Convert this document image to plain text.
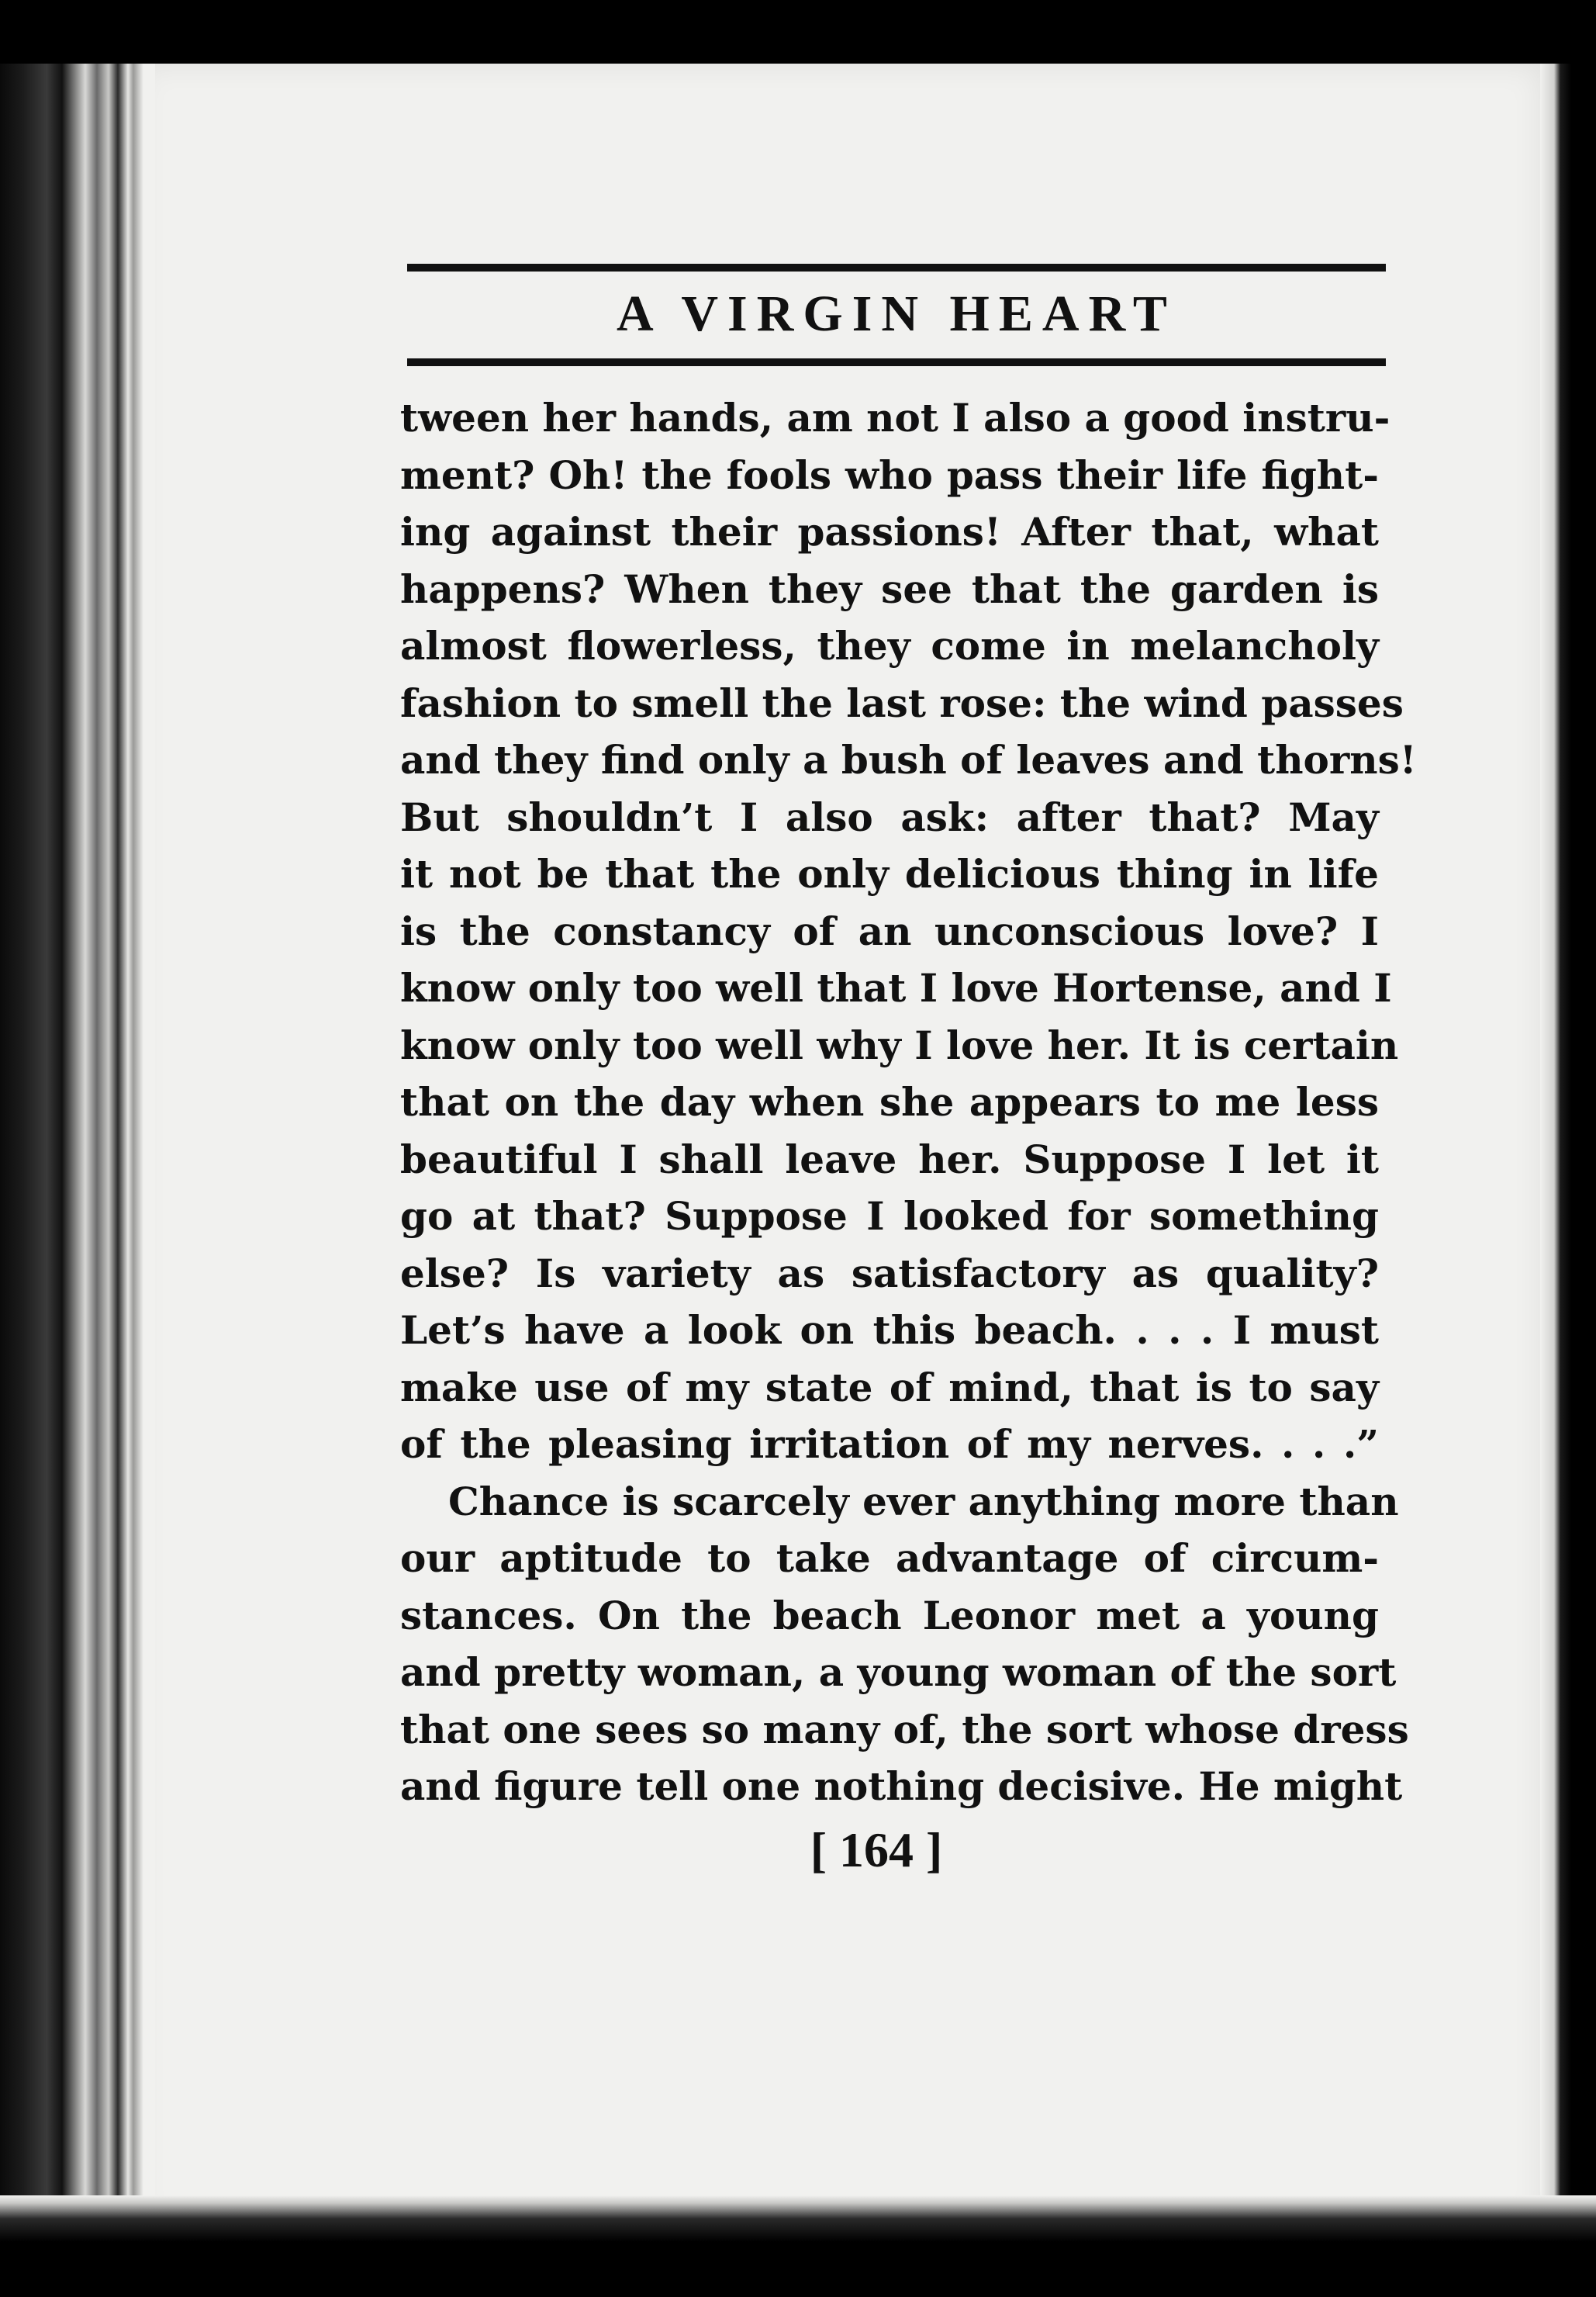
A VIRGIN HEART
tween her hands, am not I also a good instru-
ment? Oh! the fools who pass their life fight-
ing against their passions! After that, what
happens? When they see that the garden is
almost flowerless, they come in melancholy
fashion to smell the last rose: the wind passes
and they find only a bush of leaves and thorns!
But shouldn’t I also ask: after that? May
it not be that the only delicious thing in life
is the constancy of an unconscious love? I
know only too well that I love Hortense, and I
know only too well why I love her. It is certain
that on the day when she appears to me less
beautiful I shall leave her. Suppose I let it
go at that? Suppose I looked for something
else? Is variety as satisfactory as quality?
Let’s have a look on this beach. . . . I must
make use of my state of mind, that is to say
of the pleasing irritation of my nerves. . . .”
Chance is scarcely ever anything more than
our aptitude to take advantage of circum-
stances. On the beach Leonor met a young
and pretty woman, a young woman of the sort
that one sees so many of, the sort whose dress
and figure tell one nothing decisive. He might
[ 164 ]
